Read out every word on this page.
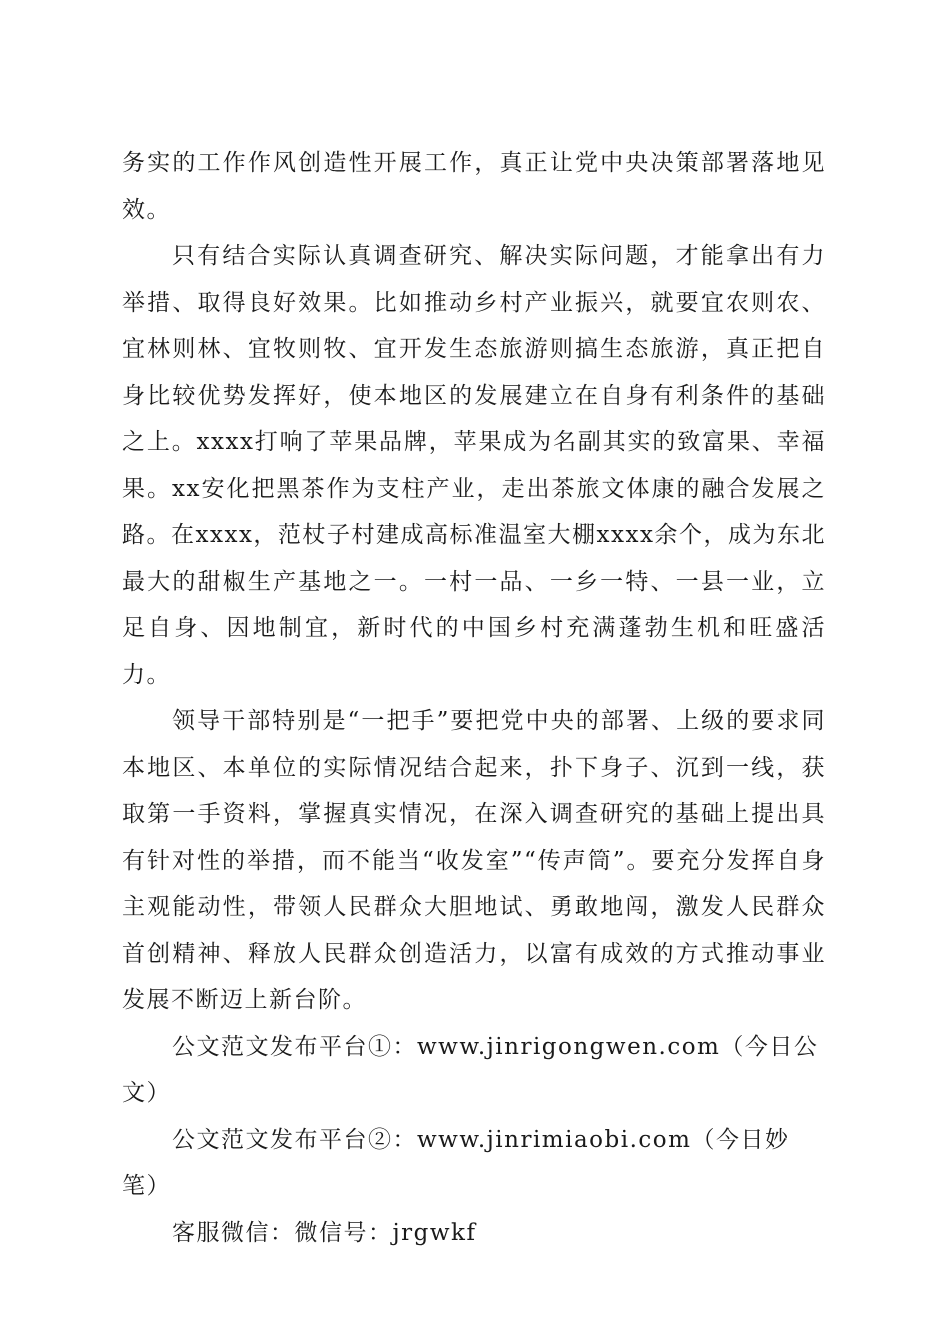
务实的工作作风创造性开展工作，真正让党中央决策部署落地见效。

只有结合实际认真调查研究、解决实际问题，才能拿出有力举措、取得良好效果。比如推动乡村产业振兴，就要宜农则农、宜林则林、宜牧则牧、宜开发生态旅游则搞生态旅游，真正把自身比较优势发挥好，使本地区的发展建立在自身有利条件的基础之上。xxxx打响了苹果品牌，苹果成为名副其实的致富果、幸福果。xx安化把黑茶作为支柱产业，走出茶旅文体康的融合发展之路。在xxxx，范杖子村建成高标准温室大棚xxxx余个，成为东北最大的甜椒生产基地之一。一村一品、一乡一特、一县一业，立足自身、因地制宜，新时代的中国乡村充满蓬勃生机和旺盛活力。

领导干部特别是“一把手”要把党中央的部署、上级的要求同本地区、本单位的实际情况结合起来，扑下身子、沉到一线，获取第一手资料，掌握真实情况，在深入调查研究的基础上提出具有针对性的举措，而不能当“收发室”“传声筒”。要充分发挥自身主观能动性，带领人民群众大胆地试、勇敢地闯，激发人民群众首创精神、释放人民群众创造活力，以富有成效的方式推动事业发展不断迈上新台阶。

公文范文发布平台①：www.jinrigongwen.com（今日公文）

公文范文发布平台②：www.jinrimiaobi.com（今日妙笔）

客服微信：微信号：jrgwkf
